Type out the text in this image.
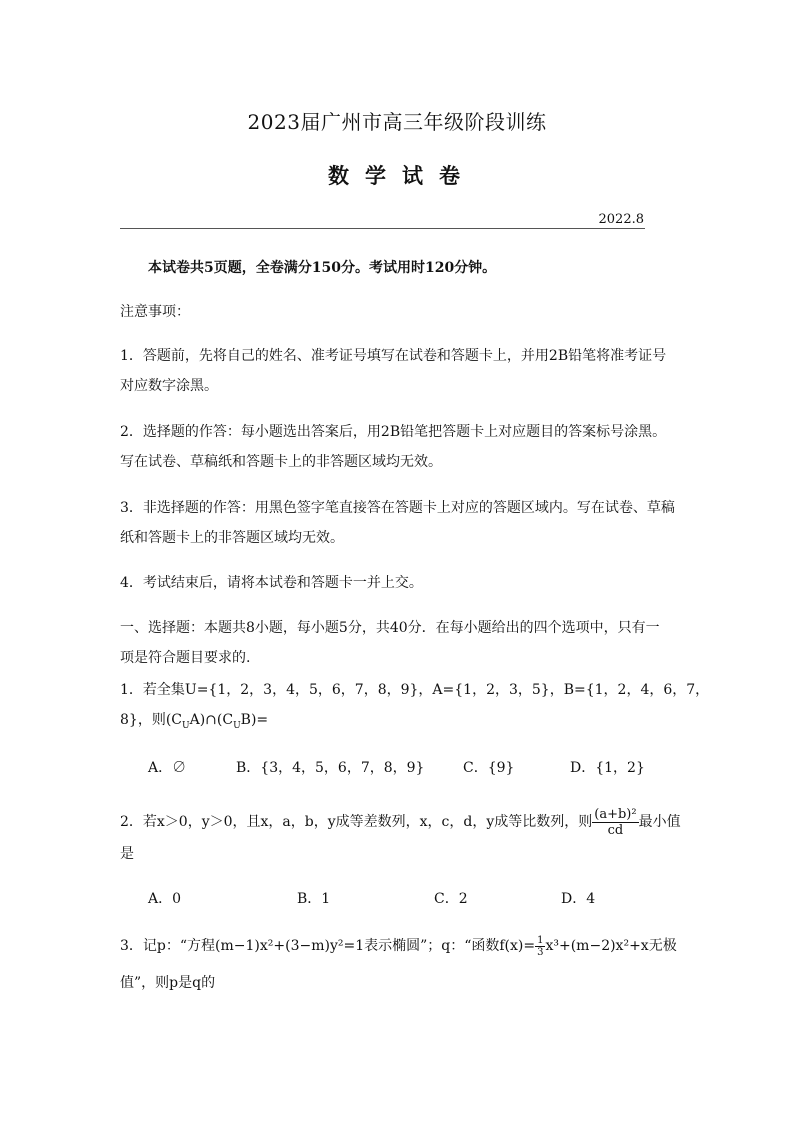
2023届广州市高三年级阶段训练
数学试卷
2022.8
本试卷共5页题，全卷满分150分。考试用时120分钟。
注意事项：
1．答题前，先将自己的姓名、准考证号填写在试卷和答题卡上，并用2B铅笔将准考证号
对应数字涂黑。
2．选择题的作答：每小题选出答案后，用2B铅笔把答题卡上对应题目的答案标号涂黑。
写在试卷、草稿纸和答题卡上的非答题区域均无效。
3．非选择题的作答：用黑色签字笔直接答在答题卡上对应的答题区域内。写在试卷、草稿
纸和答题卡上的非答题区域均无效。
4．考试结束后，请将本试卷和答题卡一并上交。
一、选择题：本题共8小题，每小题5分，共40分．在每小题给出的四个选项中，只有一
项是符合题目要求的.
1．若全集U={1，2，3，4，5，6，7，8，9}，A={1，2，3，5}，B={1，2，4，6，7，
8}，则$(C_UA)\cap(C_UB)=$
A．∅	B．{3，4，5，6，7，8，9}	C．{9}	D．{1，2}
2．若x＞0，y＞0，且x，a，b，y成等差数列，x，c，d，y成等比数列，则 $\frac{\text{(a+b)²}}{cd}$ 最小值
是
A．0	B．1	C．2	D．4
3．记p：“方程(m−1)x²+(3−m)y²=1表示椭圆”；q：“函数$f(x)= \frac{1}{3} x^3+(m-2)x^2+x$无极
值”，则p是q的
